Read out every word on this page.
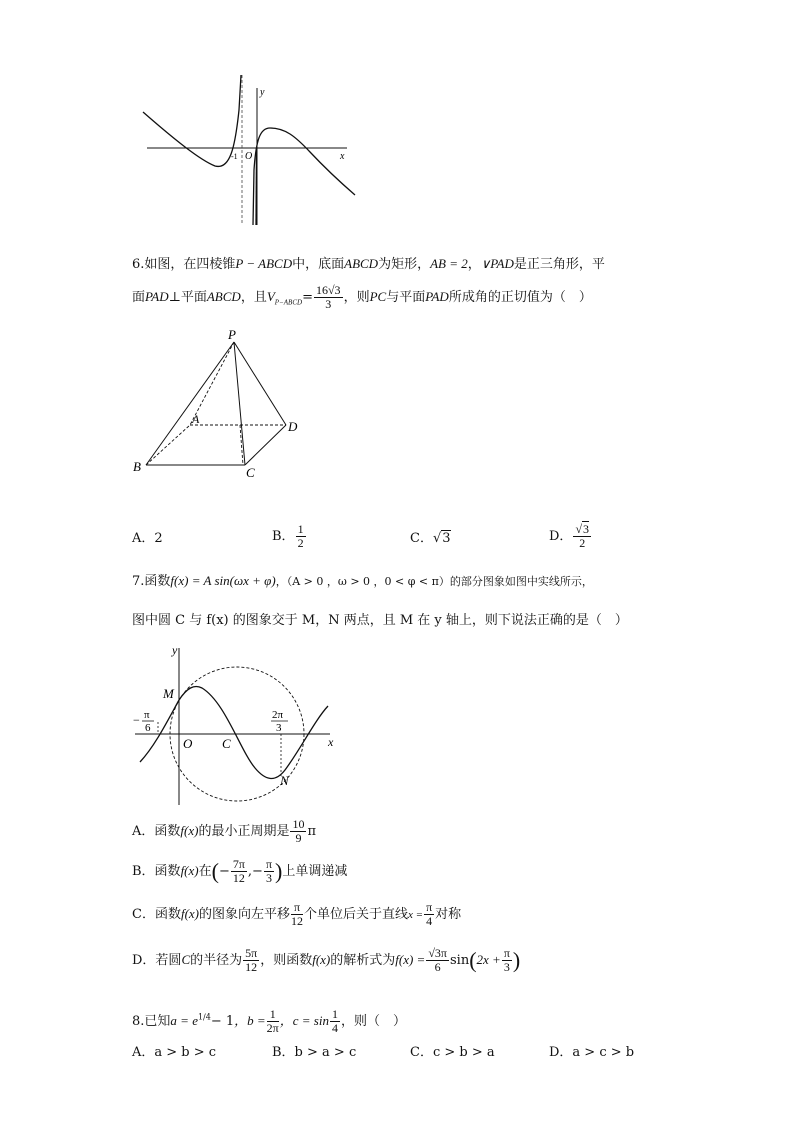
y
x
O
-1
6.如图，在四棱锥P − ABCD中，底面ABCD为矩形，AB = 2，∨PAD是正三角形，平
面PAD⊥平面ABCD，且$V_{P-ABCD}= \frac{16√3}{3}$ ，则PC与平面PAD所成角的正切值为（　）
P
A
B	C
D
A．2	B． $\frac{1}{2}$	C．√3	D． $\frac{√3}{2}$
7.函数f(x) = A sin(ωx + φ)，（A > 0 ，ω > 0 ，0 < φ < π）的部分图象如图中实线所示，
图中圆 C 与 f(x) 的图象交于 M，N 两点，且 M 在 y 轴上，则下说法正确的是（　）
y
x
M
N
O C
− π
6
2π
3
A．函数f(x)的最小正周期是 $\frac{10}{9}$ π
B．函数f(x)在(− $\frac{7\pi}{12}$ ,− $\frac{\pi}{3}$ )上单调递减
C．函数f(x)的图象向左平移 $\frac{\pi}{12}$ 个单位后关于直线$x = \frac{\pi}{4}$ 对称
D．若圆C的半径为 $\frac{5\pi}{12}$ ，则函数f(x)的解析式为$f(x) = \frac{√3\pi}{6} \sin(2x + \frac{\pi}{3}$ )
8.已知$a = e^{1/4}- 1$，$b = \frac{1}{2\pi}$ ，$c = \sin \frac{1}{4}$ ，则（　）
A．a > b > c	B．b > a > c	C．c > b > a	D．a > c > b
